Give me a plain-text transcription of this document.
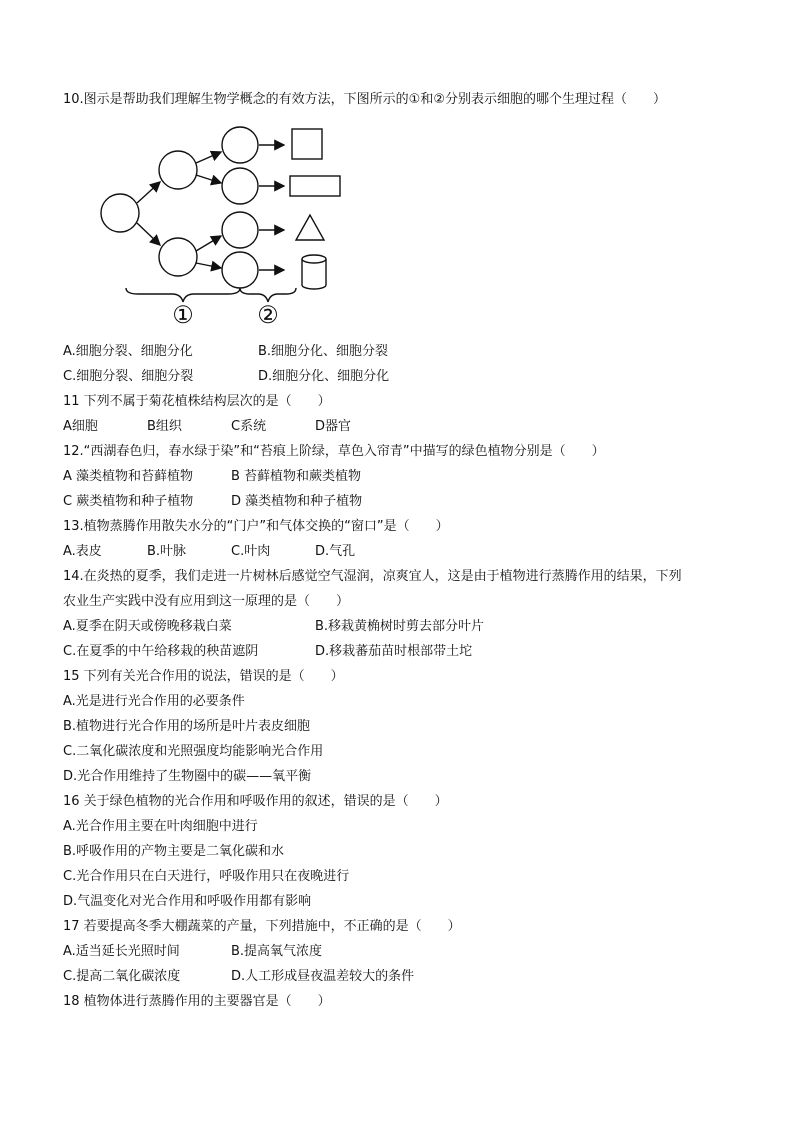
10.图示是帮助我们理解生物学概念的有效方法，下图所示的①和②分别表示细胞的哪个生理过程（　　）
①	②
A.细胞分裂、细胞分化	B.细胞分化、细胞分裂
C.细胞分裂、细胞分裂	D.细胞分化、细胞分化
11 下列不属于菊花植株结构层次的是（　　）
A细胞	B组织	C系统	D器官
12.“西湖春色归，春水绿于染”和“苔痕上阶绿，草色入帘青”中描写的绿色植物分别是（　　）
A 藻类植物和苔藓植物	B 苔藓植物和蕨类植物
C 蕨类植物和种子植物	D 藻类植物和种子植物
13.植物蒸腾作用散失水分的“门户”和气体交换的“窗口”是（　　）
A.表皮	B.叶脉	C.叶肉	D.气孔
14.在炎热的夏季，我们走进一片树林后感觉空气湿润，凉爽宜人，这是由于植物进行蒸腾作用的结果，下列
农业生产实践中没有应用到这一原理的是（　　）
A.夏季在阴天或傍晚移栽白菜	B.移栽黄桷树时剪去部分叶片
C.在夏季的中午给移栽的秧苗遮阴	D.移栽蕃茄苗时根部带土坨
15 下列有关光合作用的说法，错误的是（　　）
A.光是进行光合作用的必要条件
B.植物进行光合作用的场所是叶片表皮细胞
C.二氧化碳浓度和光照强度均能影响光合作用
D.光合作用维持了生物圈中的碳——氧平衡
16 关于绿色植物的光合作用和呼吸作用的叙述，错误的是（　　）
A.光合作用主要在叶肉细胞中进行
B.呼吸作用的产物主要是二氧化碳和水
C.光合作用只在白天进行，呼吸作用只在夜晚进行
D.气温变化对光合作用和呼吸作用都有影响
17 若要提高冬季大棚蔬菜的产量，下列措施中，不正确的是（　　）
A.适当延长光照时间	B.提高氧气浓度
C.提高二氧化碳浓度	D.人工形成昼夜温差较大的条件
18 植物体进行蒸腾作用的主要器官是（　　）
